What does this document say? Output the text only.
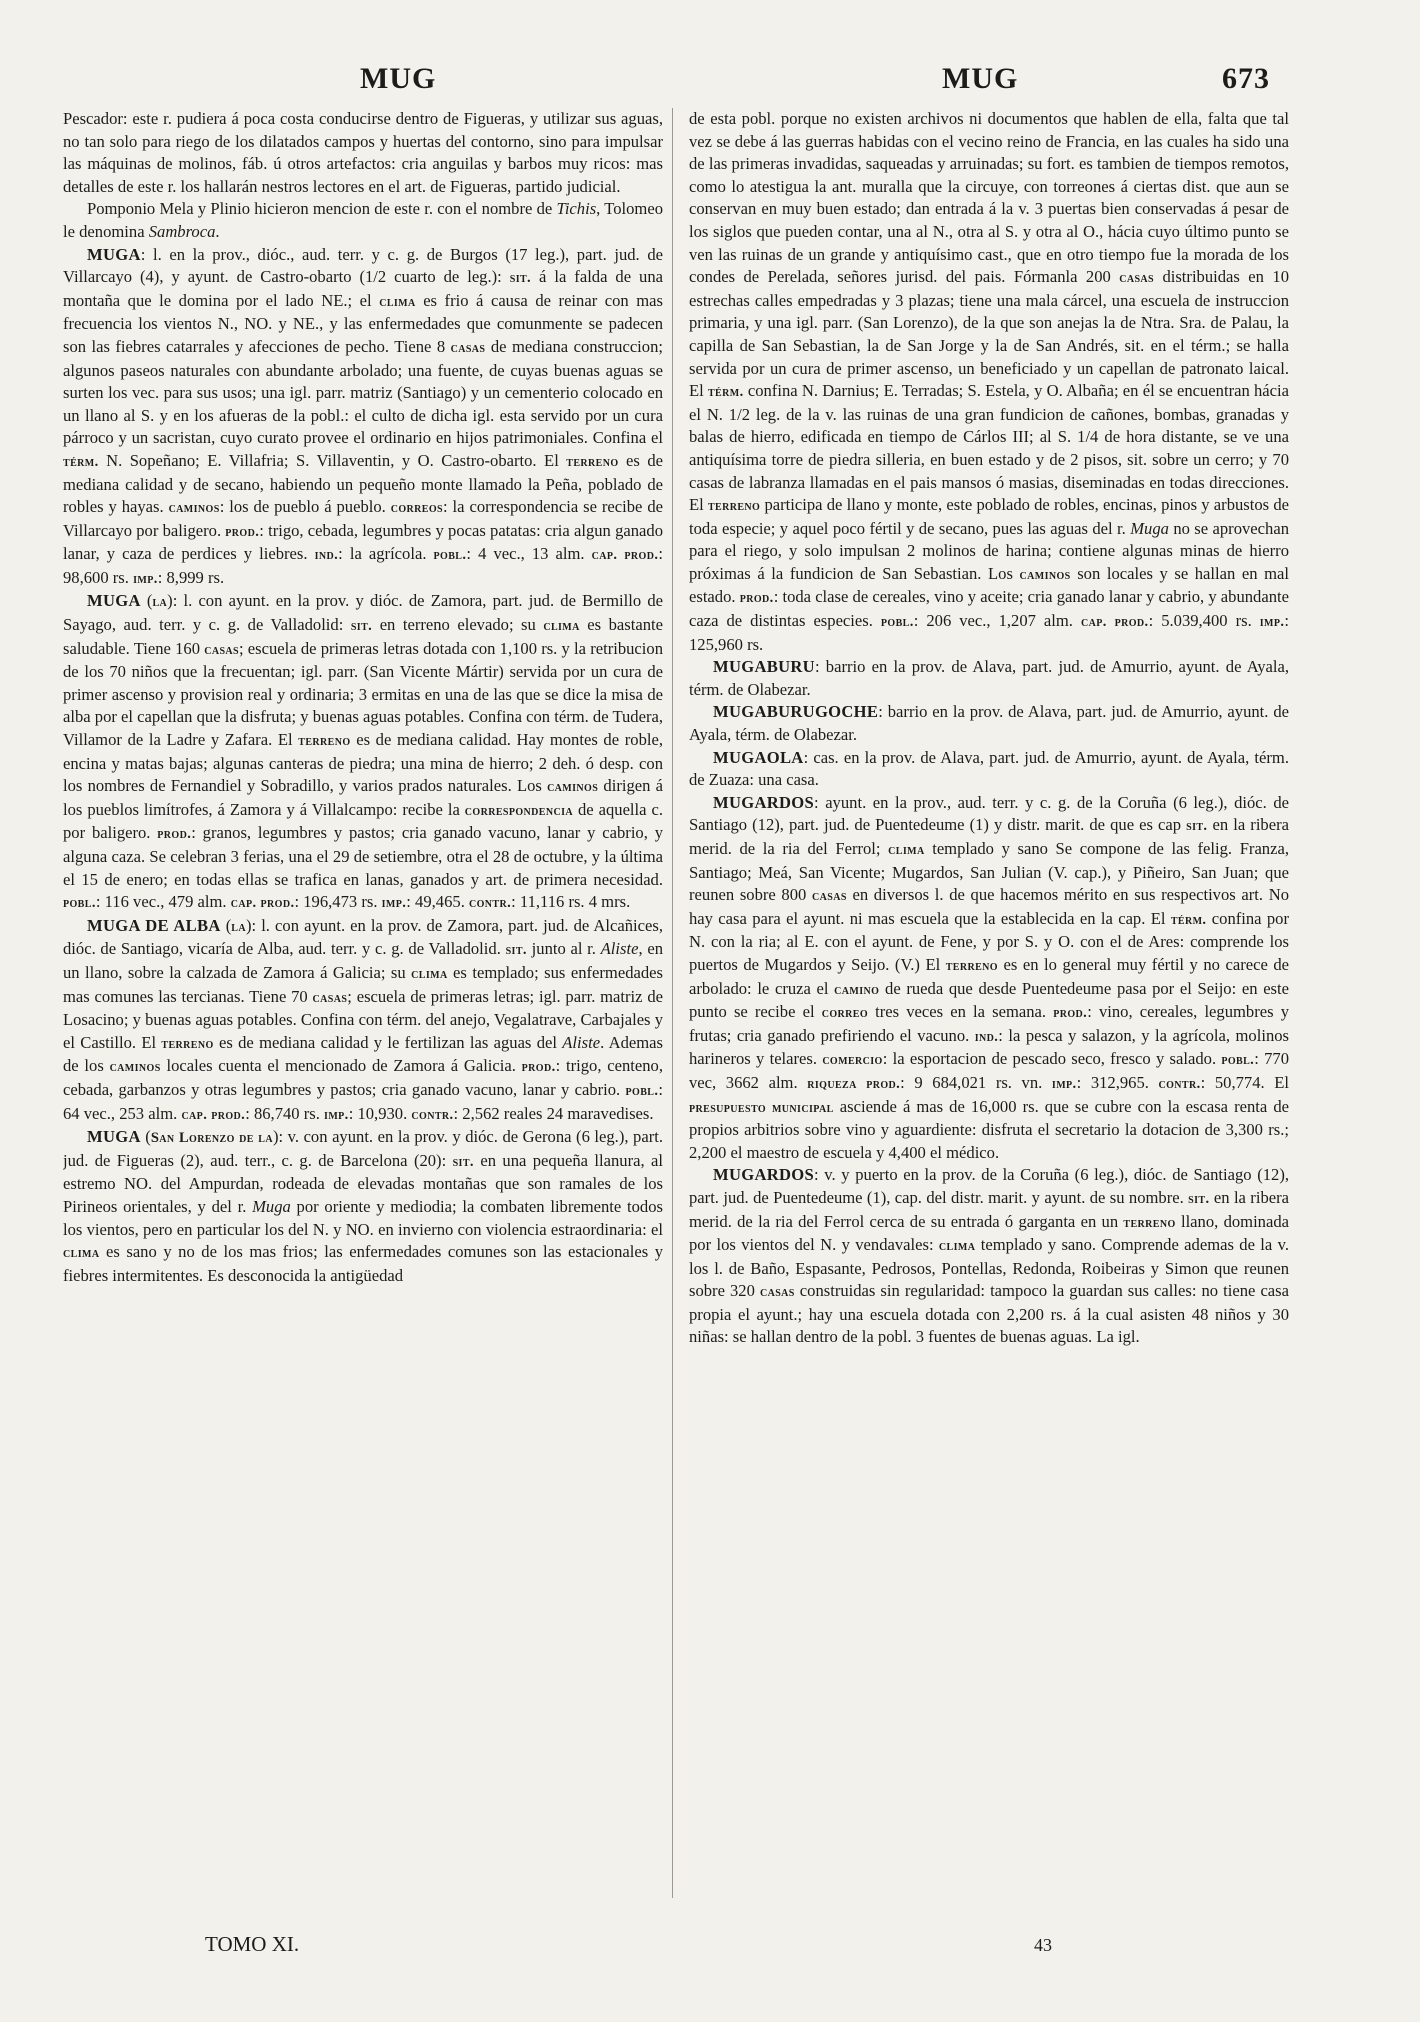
MUG	MUG	673

Pescador: este r. pudiera á poca costa conducirse dentro de Figueras, y utilizar sus aguas, no tan solo para riego de los dilatados campos y huertas del contorno, sino para impulsar las máquinas de molinos, fáb. ú otros artefactos: cria anguilas y barbos muy ricos: mas detalles de este r. los hallarán nestros lectores en el art. de Figueras, partido judicial.

Pomponio Mela y Plinio hicieron mencion de este r. con el nombre de Tichis, Tolomeo le denomina Sambroca.

MUGA: l. en la prov., dióc., aud. terr. y c. g. de Burgos (17 leg.), part. jud. de Villarcayo (4), y ayunt. de Castro-obarto (1/2 cuarto de leg.): sit. á la falda de una montaña que le domina por el lado NE.; el clima es frio á causa de reinar con mas frecuencia los vientos N., NO. y NE., y las enfermedades que comunmente se padecen son las fiebres catarrales y afecciones de pecho. Tiene 8 casas de mediana construccion; algunos paseos naturales con abundante arbolado; una fuente, de cuyas buenas aguas se surten los vec. para sus usos; una igl. parr. matriz (Santiago) y un cementerio colocado en un llano al S. y en los afueras de la pobl.: el culto de dicha igl. esta servido por un cura párroco y un sacristan, cuyo curato provee el ordinario en hijos patrimoniales. Confina el térm. N. Sopeñano; E. Villafria; S. Villaventin, y O. Castro-obarto. El terreno es de mediana calidad y de secano, habiendo un pequeño monte llamado la Peña, poblado de robles y hayas. caminos: los de pueblo á pueblo. correos: la correspondencia se recibe de Villarcayo por baligero. prod.: trigo, cebada, legumbres y pocas patatas: cria algun ganado lanar, y caza de perdices y liebres. ind.: la agrícola. pobl.: 4 vec., 13 alm. cap. prod.: 98,600 rs. imp.: 8,999 rs.

MUGA (la): l. con ayunt. en la prov. y dióc. de Zamora, part. jud. de Bermillo de Sayago, aud. terr. y c. g. de Valladolid: sit. en terreno elevado; su clima es bastante saludable. Tiene 160 casas; escuela de primeras letras dotada con 1,100 rs. y la retribucion de los 70 niños que la frecuentan; igl. parr. (San Vicente Mártir) servida por un cura de primer ascenso y provision real y ordinaria; 3 ermitas en una de las que se dice la misa de alba por el capellan que la disfruta; y buenas aguas potables. Confina con térm. de Tudera, Villamor de la Ladre y Zafara. El terreno es de mediana calidad. Hay montes de roble, encina y matas bajas; algunas canteras de piedra; una mina de hierro; 2 deh. ó desp. con los nombres de Fernandiel y Sobradillo, y varios prados naturales. Los caminos dirigen á los pueblos limítrofes, á Zamora y á Villalcampo: recibe la correspondencia de aquella c. por baligero. prod.: granos, legumbres y pastos; cria ganado vacuno, lanar y cabrio, y alguna caza. Se celebran 3 ferias, una el 29 de setiembre, otra el 28 de octubre, y la última el 15 de enero; en todas ellas se trafica en lanas, ganados y art. de primera necesidad. pobl.: 116 vec., 479 alm. cap. prod.: 196,473 rs. imp.: 49,465. contr.: 11,116 rs. 4 mrs.

MUGA DE ALBA (la): l. con ayunt. en la prov. de Zamora, part. jud. de Alcañices, dióc. de Santiago, vicaría de Alba, aud. terr. y c. g. de Valladolid. sit. junto al r. Aliste, en un llano, sobre la calzada de Zamora á Galicia; su clima es templado; sus enfermedades mas comunes las tercianas. Tiene 70 casas; escuela de primeras letras; igl. parr. matriz de Losacino; y buenas aguas potables. Confina con térm. del anejo, Vegalatrave, Carbajales y el Castillo. El terreno es de mediana calidad y le fertilizan las aguas del Aliste. Ademas de los caminos locales cuenta el mencionado de Zamora á Galicia. prod.: trigo, centeno, cebada, garbanzos y otras legumbres y pastos; cria ganado vacuno, lanar y cabrio. pobl.: 64 vec., 253 alm. cap. prod.: 86,740 rs. imp.: 10,930. contr.: 2,562 reales 24 maravedises.

MUGA (San Lorenzo de la): v. con ayunt. en la prov. y dióc. de Gerona (6 leg.), part. jud. de Figueras (2), aud. terr., c. g. de Barcelona (20): sit. en una pequeña llanura, al estremo NO. del Ampurdan, rodeada de elevadas montañas que son ramales de los Pirineos orientales, y del r. Muga por oriente y mediodia; la combaten libremente todos los vientos, pero en particular los del N. y NO. en invierno con violencia estraordinaria: el clima es sano y no de los mas frios; las enfermedades comunes son las estacionales y fiebres intermitentes. Es desconocida la antigüedad

de esta pobl. porque no existen archivos ni documentos que hablen de ella, falta que tal vez se debe á las guerras habidas con el vecino reino de Francia, en las cuales ha sido una de las primeras invadidas, saqueadas y arruinadas; su fort. es tambien de tiempos remotos, como lo atestigua la ant. muralla que la circuye, con torreones á ciertas dist. que aun se conservan en muy buen estado; dan entrada á la v. 3 puertas bien conservadas á pesar de los siglos que pueden contar, una al N., otra al S. y otra al O., hácia cuyo último punto se ven las ruinas de un grande y antiquísimo cast., que en otro tiempo fue la morada de los condes de Perelada, señores jurisd. del pais. Fórmanla 200 casas distribuidas en 10 estrechas calles empedradas y 3 plazas; tiene una mala cárcel, una escuela de instruccion primaria, y una igl. parr. (San Lorenzo), de la que son anejas la de Ntra. Sra. de Palau, la capilla de San Sebastian, la de San Jorge y la de San Andrés, sit. en el térm.; se halla servida por un cura de primer ascenso, un beneficiado y un capellan de patronato laical. El térm. confina N. Darnius; E. Terradas; S. Estela, y O. Albaña; en él se encuentran hácia el N. 1/2 leg. de la v. las ruinas de una gran fundicion de cañones, bombas, granadas y balas de hierro, edificada en tiempo de Cárlos III; al S. 1/4 de hora distante, se ve una antiquísima torre de piedra silleria, en buen estado y de 2 pisos, sit. sobre un cerro; y 70 casas de labranza llamadas en el pais mansos ó masias, diseminadas en todas direcciones. El terreno participa de llano y monte, este poblado de robles, encinas, pinos y arbustos de toda especie; y aquel poco fértil y de secano, pues las aguas del r. Muga no se aprovechan para el riego, y solo impulsan 2 molinos de harina; contiene algunas minas de hierro próximas á la fundicion de San Sebastian. Los caminos son locales y se hallan en mal estado. prod.: toda clase de cereales, vino y aceite; cria ganado lanar y cabrio, y abundante caza de distintas especies. pobl.: 206 vec., 1,207 alm. cap. prod.: 5.039,400 rs. imp.: 125,960 rs.

MUGABURU: barrio en la prov. de Alava, part. jud. de Amurrio, ayunt. de Ayala, térm. de Olabezar.

MUGABURUGOCHE: barrio en la prov. de Alava, part. jud. de Amurrio, ayunt. de Ayala, térm. de Olabezar.

MUGAOLA: cas. en la prov. de Alava, part. jud. de Amurrio, ayunt. de Ayala, térm. de Zuaza: una casa.

MUGARDOS: ayunt. en la prov., aud. terr. y c. g. de la Coruña (6 leg.), dióc. de Santiago (12), part. jud. de Puentedeume (1) y distr. marit. de que es cap sit. en la ribera merid. de la ria del Ferrol; clima templado y sano Se compone de las felig. Franza, Santiago; Meá, San Vicente; Mugardos, San Julian (V. cap.), y Piñeiro, San Juan; que reunen sobre 800 casas en diversos l. de que hacemos mérito en sus respectivos art. No hay casa para el ayunt. ni mas escuela que la establecida en la cap. El térm. confina por N. con la ria; al E. con el ayunt. de Fene, y por S. y O. con el de Ares: comprende los puertos de Mugardos y Seijo. (V.) El terreno es en lo general muy fértil y no carece de arbolado: le cruza el camino de rueda que desde Puentedeume pasa por el Seijo: en este punto se recibe el correo tres veces en la semana. prod.: vino, cereales, legumbres y frutas; cria ganado prefiriendo el vacuno. ind.: la pesca y salazon, y la agrícola, molinos harineros y telares. comercio: la esportacion de pescado seco, fresco y salado. pobl.: 770 vec, 3662 alm. riqueza prod.: 9 684,021 rs. vn. imp.: 312,965. contr.: 50,774. El presupuesto municipal asciende á mas de 16,000 rs. que se cubre con la escasa renta de propios arbitrios sobre vino y aguardiente: disfruta el secretario la dotacion de 3,300 rs.; 2,200 el maestro de escuela y 4,400 el médico.

MUGARDOS: v. y puerto en la prov. de la Coruña (6 leg.), dióc. de Santiago (12), part. jud. de Puentedeume (1), cap. del distr. marit. y ayunt. de su nombre. sit. en la ribera merid. de la ria del Ferrol cerca de su entrada ó garganta en un terreno llano, dominada por los vientos del N. y vendavales: clima templado y sano. Comprende ademas de la v. los l. de Baño, Espasante, Pedrosos, Pontellas, Redonda, Roibeiras y Simon que reunen sobre 320 casas construidas sin regularidad: tampoco la guardan sus calles: no tiene casa propia el ayunt.; hay una escuela dotada con 2,200 rs. á la cual asisten 48 niños y 30 niñas: se hallan dentro de la pobl. 3 fuentes de buenas aguas. La igl.

TOMO XI.	43
